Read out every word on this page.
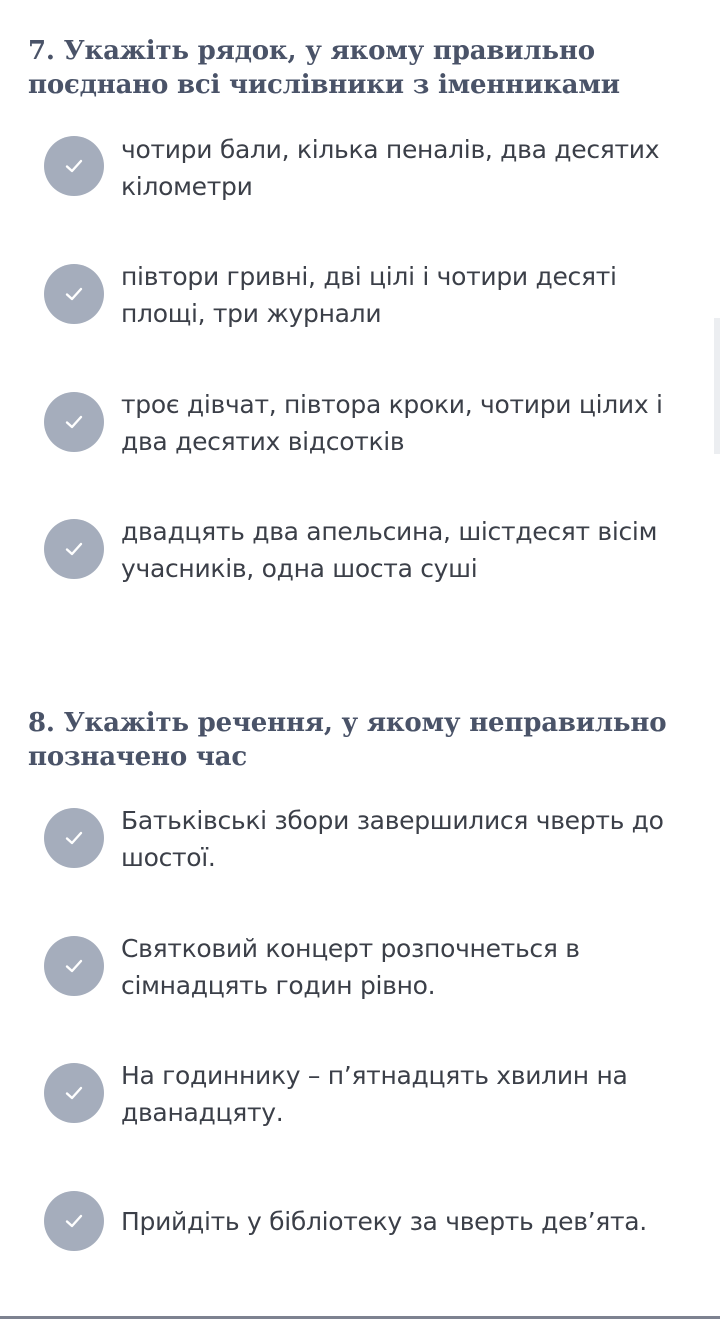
7. Укажіть рядок, у якому правильно поєднано всі числівники з іменниками

чотири бали, кілька пеналів, два десятих кілометри

півтори гривні, дві цілі і чотири десяті площі, три журнали

троє дівчат, півтора кроки, чотири цілих і два десятих відсотків

двадцять два апельсина, шістдесят вісім учасників, одна шоста суші

8. Укажіть речення, у якому неправильно позначено час

Батьківські збори завершилися чверть до шостої.

Святковий концерт розпочнеться в сімнадцять годин рівно.

На годиннику – п’ятнадцять хвилин на дванадцяту.

Прийдіть у бібліотеку за чверть дев’ята.
